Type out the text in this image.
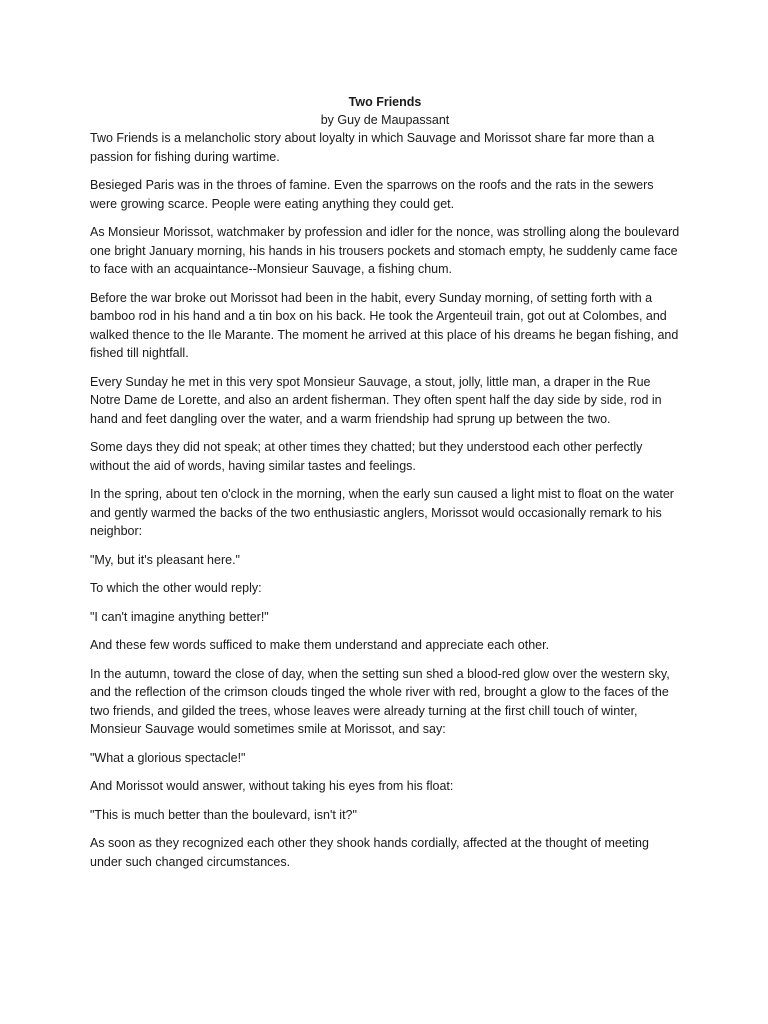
Two Friends

by Guy de Maupassant

Two Friends is a melancholic story about loyalty in which Sauvage and Morissot share far more than a passion for fishing during wartime.

Besieged Paris was in the throes of famine. Even the sparrows on the roofs and the rats in the sewers were growing scarce. People were eating anything they could get.

As Monsieur Morissot, watchmaker by profession and idler for the nonce, was strolling along the boulevard one bright January morning, his hands in his trousers pockets and stomach empty, he suddenly came face to face with an acquaintance--Monsieur Sauvage, a fishing chum.

Before the war broke out Morissot had been in the habit, every Sunday morning, of setting forth with a bamboo rod in his hand and a tin box on his back. He took the Argenteuil train, got out at Colombes, and walked thence to the Ile Marante. The moment he arrived at this place of his dreams he began fishing, and fished till nightfall.

Every Sunday he met in this very spot Monsieur Sauvage, a stout, jolly, little man, a draper in the Rue Notre Dame de Lorette, and also an ardent fisherman. They often spent half the day side by side, rod in hand and feet dangling over the water, and a warm friendship had sprung up between the two.

Some days they did not speak; at other times they chatted; but they understood each other perfectly without the aid of words, having similar tastes and feelings.

In the spring, about ten o'clock in the morning, when the early sun caused a light mist to float on the water and gently warmed the backs of the two enthusiastic anglers, Morissot would occasionally remark to his neighbor:

"My, but it's pleasant here."

To which the other would reply:

"I can't imagine anything better!"

And these few words sufficed to make them understand and appreciate each other.

In the autumn, toward the close of day, when the setting sun shed a blood-red glow over the western sky, and the reflection of the crimson clouds tinged the whole river with red, brought a glow to the faces of the two friends, and gilded the trees, whose leaves were already turning at the first chill touch of winter, Monsieur Sauvage would sometimes smile at Morissot, and say:

"What a glorious spectacle!"

And Morissot would answer, without taking his eyes from his float:

"This is much better than the boulevard, isn't it?"

As soon as they recognized each other they shook hands cordially, affected at the thought of meeting under such changed circumstances.
